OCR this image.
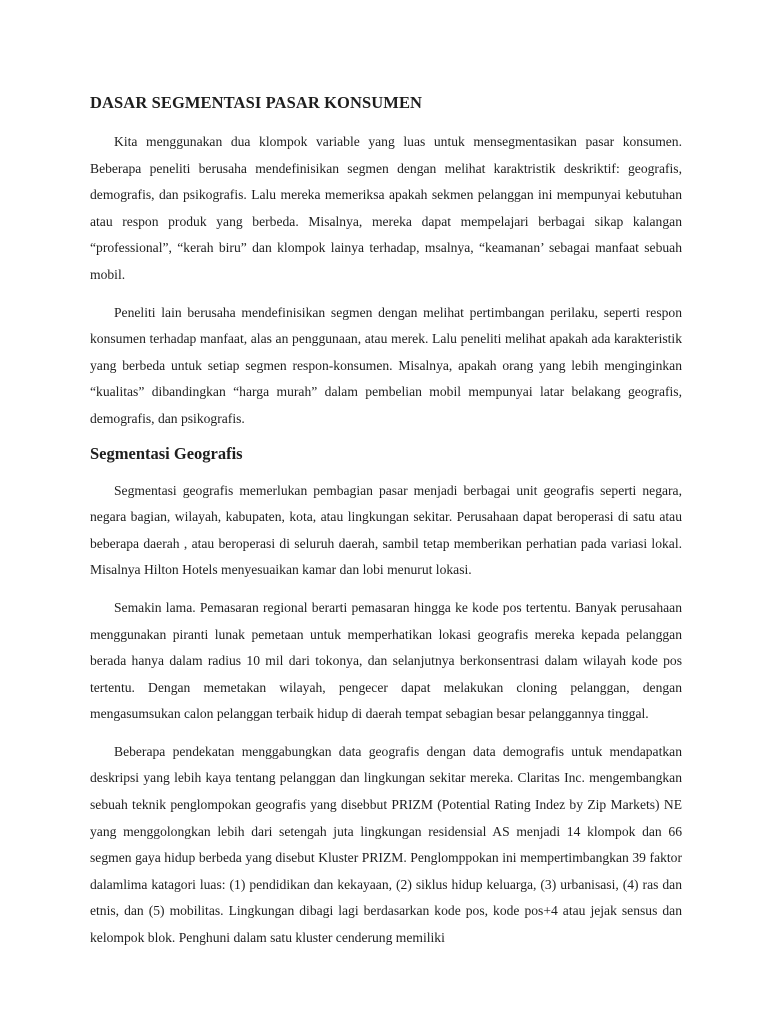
DASAR SEGMENTASI PASAR KONSUMEN

Kita menggunakan dua klompok variable yang luas untuk mensegmentasikan pasar konsumen. Beberapa peneliti berusaha mendefinisikan segmen dengan melihat karaktristik deskriktif: geografis, demografis, dan psikografis. Lalu mereka memeriksa apakah sekmen pelanggan ini mempunyai kebutuhan atau respon produk yang berbeda. Misalnya, mereka dapat mempelajari berbagai sikap kalangan “professional”, “kerah biru” dan klompok lainya terhadap, msalnya, “keamanan’ sebagai manfaat sebuah mobil.

Peneliti lain berusaha mendefinisikan segmen dengan melihat pertimbangan perilaku, seperti respon konsumen terhadap manfaat, alas an penggunaan, atau merek. Lalu peneliti melihat apakah ada karakteristik yang berbeda untuk setiap segmen respon-konsumen. Misalnya, apakah orang yang lebih menginginkan “kualitas” dibandingkan “harga murah” dalam pembelian mobil mempunyai latar belakang geografis, demografis, dan psikografis.

Segmentasi Geografis

Segmentasi geografis memerlukan pembagian pasar menjadi berbagai unit geografis seperti negara, negara bagian, wilayah, kabupaten, kota, atau lingkungan sekitar. Perusahaan dapat beroperasi di satu atau beberapa daerah , atau beroperasi di seluruh daerah, sambil tetap memberikan perhatian pada variasi lokal. Misalnya Hilton Hotels menyesuaikan kamar dan lobi menurut lokasi.

Semakin lama. Pemasaran regional berarti pemasaran hingga ke kode pos tertentu. Banyak perusahaan menggunakan piranti lunak pemetaan untuk memperhatikan lokasi geografis mereka kepada pelanggan berada hanya dalam radius 10 mil dari tokonya, dan selanjutnya berkonsentrasi dalam wilayah kode pos tertentu. Dengan memetakan wilayah, pengecer dapat melakukan cloning pelanggan, dengan mengasumsukan calon pelanggan terbaik hidup di daerah tempat sebagian besar pelanggannya tinggal.

Beberapa pendekatan menggabungkan data geografis dengan data demografis untuk mendapatkan deskripsi yang lebih kaya tentang pelanggan dan lingkungan sekitar mereka. Claritas Inc. mengembangkan sebuah teknik penglompokan geografis yang disebbut PRIZM (Potential Rating Indez by Zip Markets) NE yang menggolongkan lebih dari setengah juta lingkungan residensial AS menjadi 14 klompok dan 66 segmen gaya hidup berbeda yang disebut Kluster PRIZM. Penglomppokan ini mempertimbangkan 39 faktor dalamlima katagori luas: (1) pendidikan dan kekayaan, (2) siklus hidup keluarga, (3) urbanisasi, (4) ras dan etnis, dan (5) mobilitas. Lingkungan dibagi lagi berdasarkan kode pos, kode pos+4 atau jejak sensus dan kelompok blok. Penghuni dalam satu kluster cenderung memiliki
